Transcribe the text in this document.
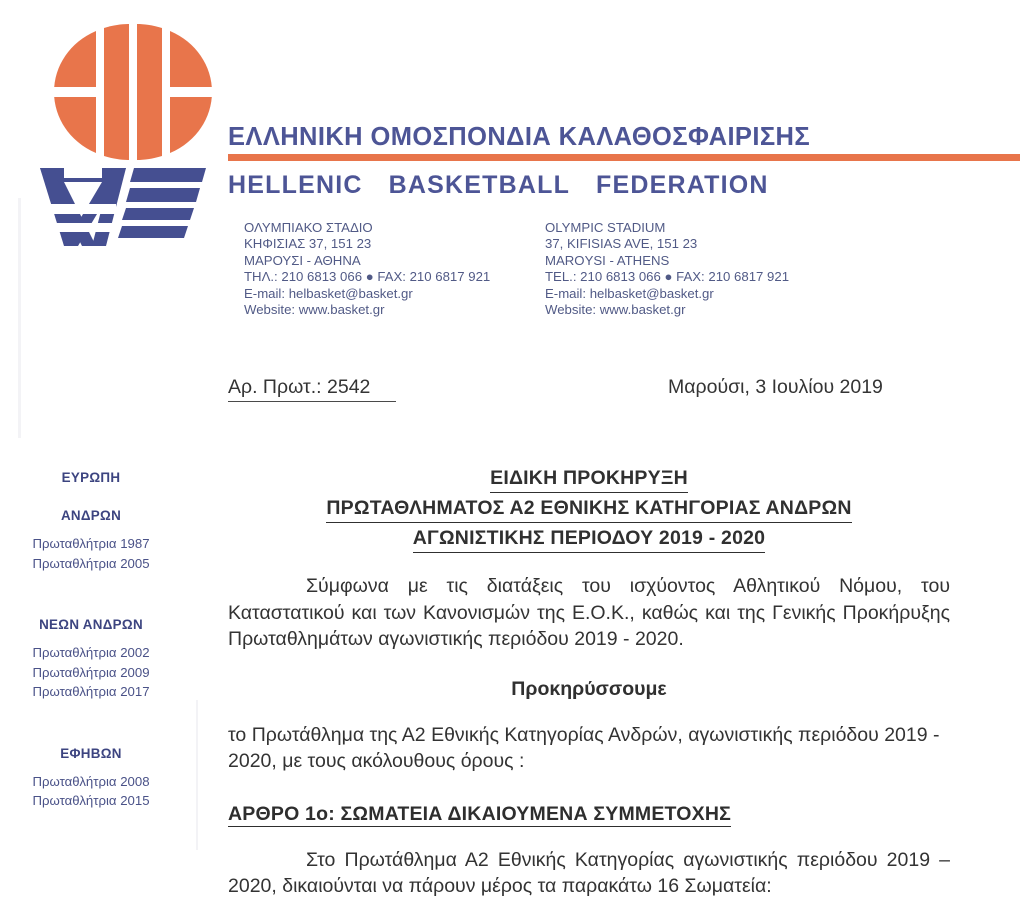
ΕΛΛΗΝΙΚΗ ΟΜΟΣΠΟΝΔΙΑ ΚΑΛΑΘΟΣΦΑΙΡΙΣΗΣ
HELLENIC BASKETBALL FEDERATION
ΟΛΥΜΠΙΑΚΟ ΣΤΑΔΙΟ
ΚΗΦΙΣΙΑΣ 37, 151 23
ΜΑΡΟΥΣΙ - ΑΘΗΝΑ
ΤΗΛ.: 210 6813 066 ● FAX: 210 6817 921
E-mail: helbasket@basket.gr
Website: www.basket.gr
OLYMPIC STADIUM
37, KIFISIAS AVE, 151 23
MAROYSI - ATHENS
TEL.: 210 6813 066 ● FAX: 210 6817 921
E-mail: helbasket@basket.gr
Website: www.basket.gr
Αρ. Πρωτ.: 2542	Μαρούσι, 3 Ιουλίου 2019
ΕΥΡΩΠΗ
ΑΝΔΡΩΝ
Πρωταθλήτρια 1987
Πρωταθλήτρια 2005
ΝΕΩΝ ΑΝΔΡΩΝ
Πρωταθλήτρια 2002
Πρωταθλήτρια 2009
Πρωταθλήτρια 2017
ΕΦΗΒΩΝ
Πρωταθλήτρια 2008
Πρωταθλήτρια 2015
ΕΙΔΙΚΗ ΠΡΟΚΗΡΥΞΗ ΠΡΩΤΑΘΛΗΜΑΤΟΣ Α2 ΕΘΝΙΚΗΣ ΚΑΤΗΓΟΡΙΑΣ ΑΝΔΡΩΝ ΑΓΩΝΙΣΤΙΚΗΣ ΠΕΡΙΟΔΟΥ 2019 - 2020

Σύμφωνα με τις διατάξεις του ισχύοντος Αθλητικού Νόμου, του Καταστατικού και των Κανονισμών της Ε.Ο.Κ., καθώς και της Γενικής Προκήρυξης Πρωταθλημάτων αγωνιστικής περιόδου 2019 - 2020.

Προκηρύσσουμε

το Πρωτάθλημα της Α2 Εθνικής Κατηγορίας Ανδρών, αγωνιστικής περιόδου 2019 - 2020, με τους ακόλουθους όρους :

ΑΡΘΡΟ 1ο: ΣΩΜΑΤΕΙΑ ΔΙΚΑΙΟΥΜΕΝΑ ΣΥΜΜΕΤΟΧΗΣ

Στο Πρωτάθλημα Α2 Εθνικής Κατηγορίας αγωνιστικής περιόδου 2019 – 2020, δικαιούνται να πάρουν μέρος τα παρακάτω 16 Σωματεία:
